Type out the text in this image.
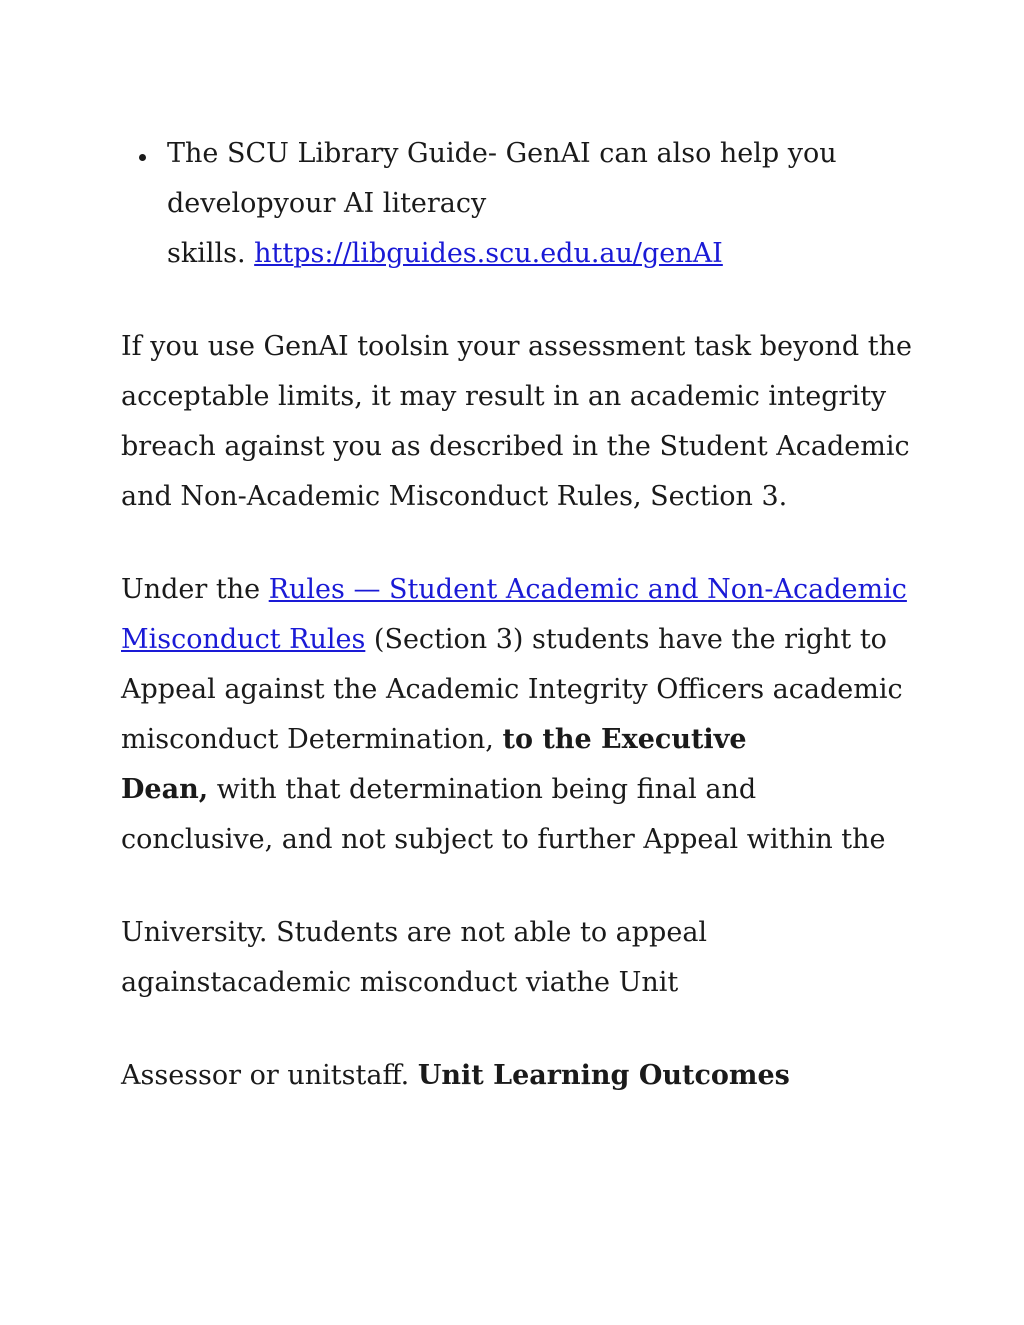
The SCU Library Guide- GenAI can also help you
developyour AI literacy
skills. https://libguides.scu.edu.au/genAI
If you use GenAI toolsin your assessment task beyond the
acceptable limits, it may result in an academic integrity
breach against you as described in the Student Academic
and Non-Academic Misconduct Rules, Section 3.
Under the Rules — Student Academic and Non-Academic
Misconduct Rules (Section 3) students have the right to
Appeal against the Academic Integrity Officers academic
misconduct Determination, to the Executive
Dean, with that determination being final and
conclusive, and not subject to further Appeal within the
University. Students are not able to appeal
againstacademic misconduct viathe Unit
Assessor or unitstaff. Unit Learning Outcomes
